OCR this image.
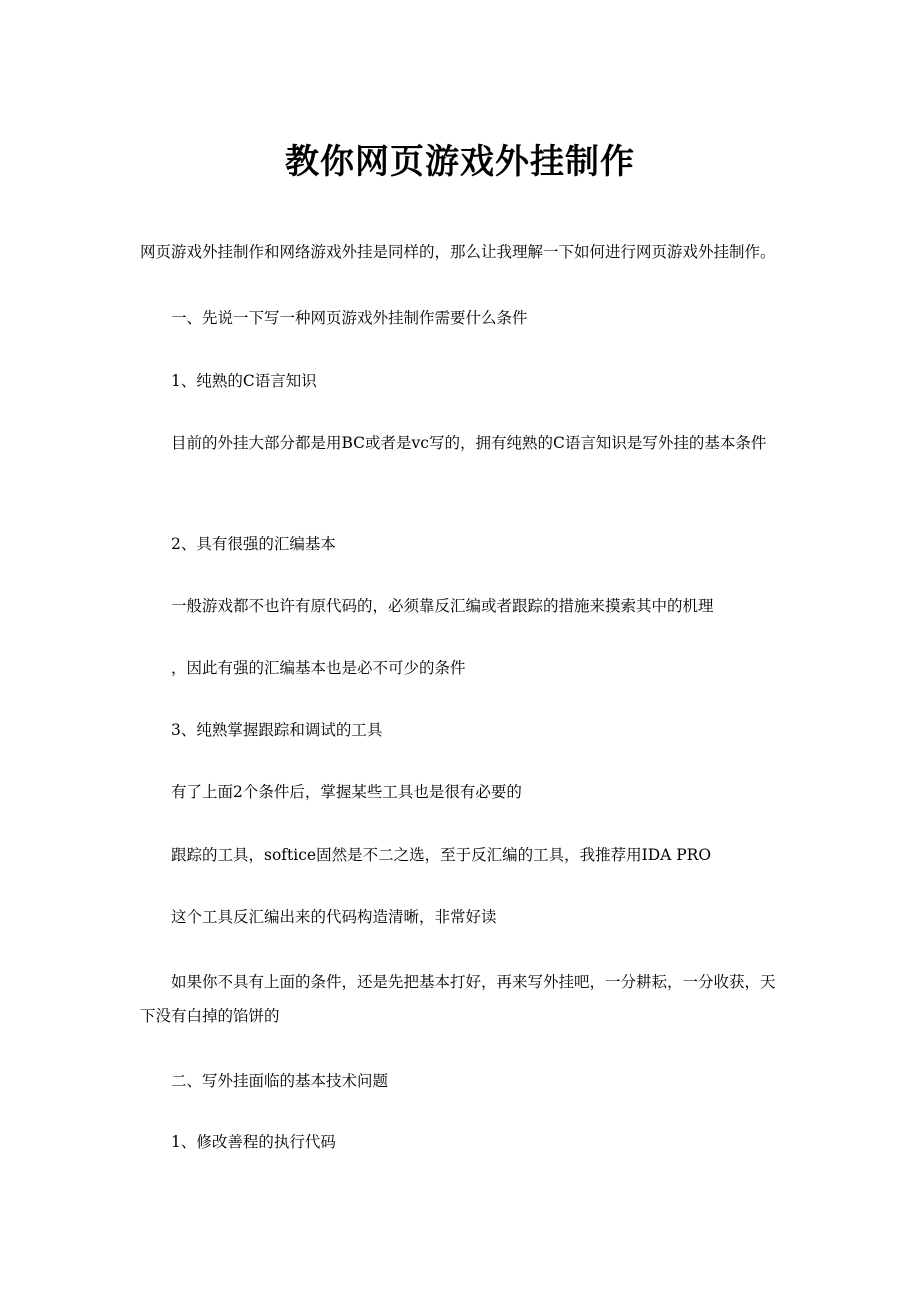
教你网页游戏外挂制作
网页游戏外挂制作和网络游戏外挂是同样的，那么让我理解一下如何进行网页游戏外挂制作。
一、先说一下写一种网页游戏外挂制作需要什么条件
1、纯熟的C语言知识
目前的外挂大部分都是用BC或者是vc写的，拥有纯熟的C语言知识是写外挂的基本条件
2、具有很强的汇编基本
一般游戏都不也许有原代码的，必须靠反汇编或者跟踪的措施来摸索其中的机理
，因此有强的汇编基本也是必不可少的条件
3、纯熟掌握跟踪和调试的工具
有了上面2个条件后，掌握某些工具也是很有必要的
跟踪的工具，softice固然是不二之选，至于反汇编的工具，我推荐用IDA PRO
这个工具反汇编出来的代码构造清晰，非常好读
如果你不具有上面的条件，还是先把基本打好，再来写外挂吧，一分耕耘，一分收获，天下没有白掉的馅饼的
二、写外挂面临的基本技术问题
1、修改善程的执行代码
